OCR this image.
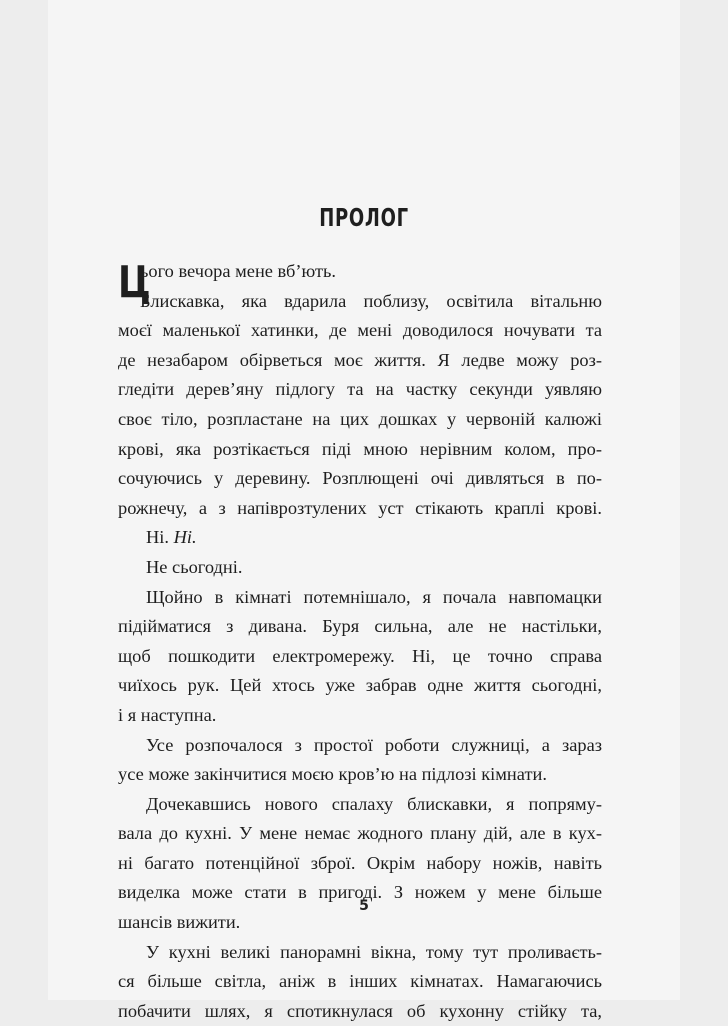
ПРОЛОГ
Ц
ього вечора мене вб’ють.
Блискавка, яка вдарила поблизу, освітила вітальню
моєї маленької хатинки, де мені доводилося ночувати та
де незабаром обірветься моє життя. Я ледве можу роз-
гледіти дерев’яну підлогу та на частку секунди уявляю
своє тіло, розпластане на цих дошках у червоній калюжі
крові, яка розтікається піді мною нерівним колом, про-
сочуючись у деревину. Розплющені очі дивляться в по-
рожнечу, а з напіврозтулених уст стікають краплі крові.
Ні. Ні.
Не сьогодні.
Щойно в кімнаті потемнішало, я почала навпомацки
підійматися з дивана. Буря сильна, але не настільки,
щоб пошкодити електромережу. Ні, це точно справа
чиїхось рук. Цей хтось уже забрав одне життя сьогодні,
і я наступна.
Усе розпочалося з простої роботи служниці, а зараз
усе може закінчитися моєю кров’ю на підлозі кімнати.
Дочекавшись нового спалаху блискавки, я попряму-
вала до кухні. У мене немає жодного плану дій, але в кух-
ні багато потенційної зброї. Окрім набору ножів, навіть
виделка може стати в пригоді. З ножем у мене більше
шансів вижити.
У кухні великі панорамні вікна, тому тут проливаєть-
ся більше світла, аніж в інших кімнатах. Намагаючись
побачити шлях, я спотикнулася об кухонну стійку та,
5
